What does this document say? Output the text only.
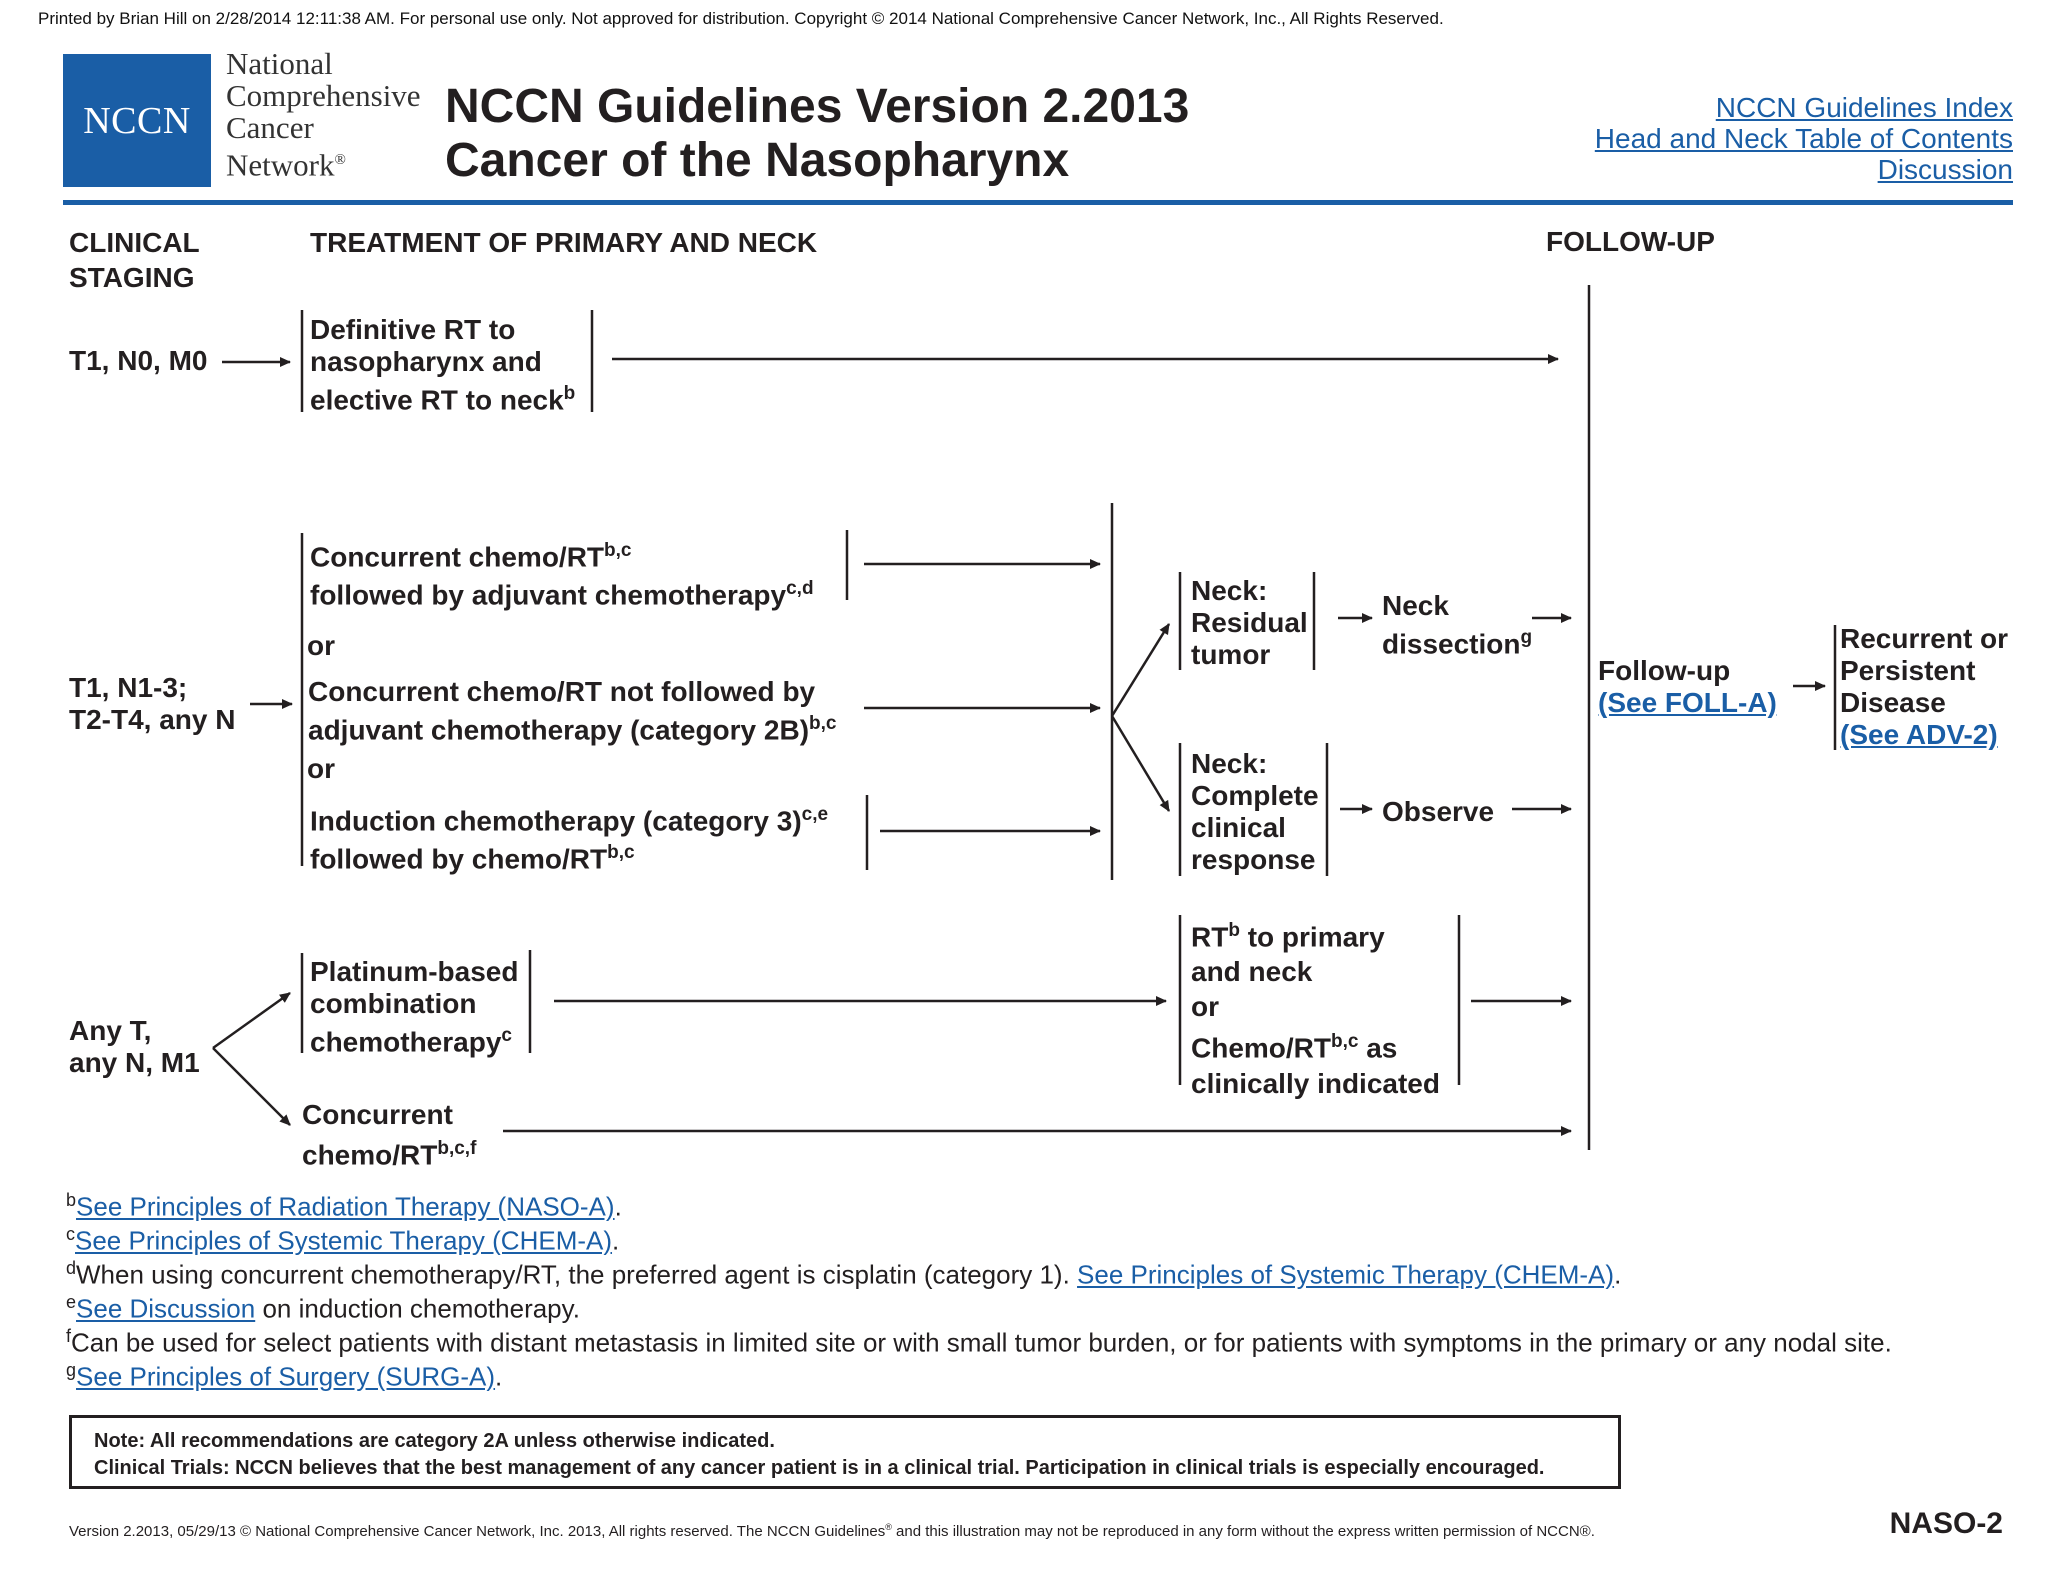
Printed by Brian Hill on 2/28/2014 12:11:38 AM. For personal use only. Not approved for distribution. Copyright © 2014 National Comprehensive Cancer Network, Inc., All Rights Reserved.
NCCN
National
Comprehensive
Cancer
Network®
NCCN Guidelines Version 2.2013
Cancer of the Nasopharynx
NCCN Guidelines Index
Head and Neck Table of Contents
Discussion
CLINICAL
STAGING
TREATMENT OF PRIMARY AND NECK	FOLLOW-UP
T1, N0, M0
T1, N1-3;
T2-T4, any N
Any T,
any N, M1
Definitive RT to
nasopharynx and
elective RT to neck$^b$
Concurrent chemo/RT$^{b,c}$
followed by adjuvant chemotherapy$^{c,d}$
or
Concurrent chemo/RT not followed by
adjuvant chemotherapy (category 2B)$^{b,c}$
or
Induction chemotherapy (category 3)$^{c,e}$
followed by chemo/RT$^{b,c}$
Neck:
Residual
tumor
Neck
dissection$^g$
Neck:
Complete
clinical
response
Observe
Platinum-based
combination
chemotherapy$^c$
Concurrent
chemo/RT$^{b,c,f}$
$RT^b$ to primary
and neck
or
Chemo/RT$^{b,c}$ as
clinically indicated
Follow-up
(See FOLL-A)
Recurrent or
Persistent
Disease
(See ADV-2)
$^b$See Principles of Radiation Therapy (NASO-A).
$^c$See Principles of Systemic Therapy (CHEM-A).
$^d$When using concurrent chemotherapy/RT, the preferred agent is cisplatin (category 1). See Principles of Systemic Therapy (CHEM-A).
$^e$See Discussion on induction chemotherapy.
$^f$Can be used for select patients with distant metastasis in limited site or with small tumor burden, or for patients with symptoms in the primary or any nodal site.
$^g$See Principles of Surgery (SURG-A).
Note: All recommendations are category 2A unless otherwise indicated.
Clinical Trials: NCCN believes that the best management of any cancer patient is in a clinical trial. Participation in clinical trials is especially encouraged.
Version 2.2013, 05/29/13 © National Comprehensive Cancer Network, Inc. 2013, All rights reserved. The NCCN Guidelines® and this illustration may not be reproduced in any form without the express written permission of NCCN®.	NASO-2
